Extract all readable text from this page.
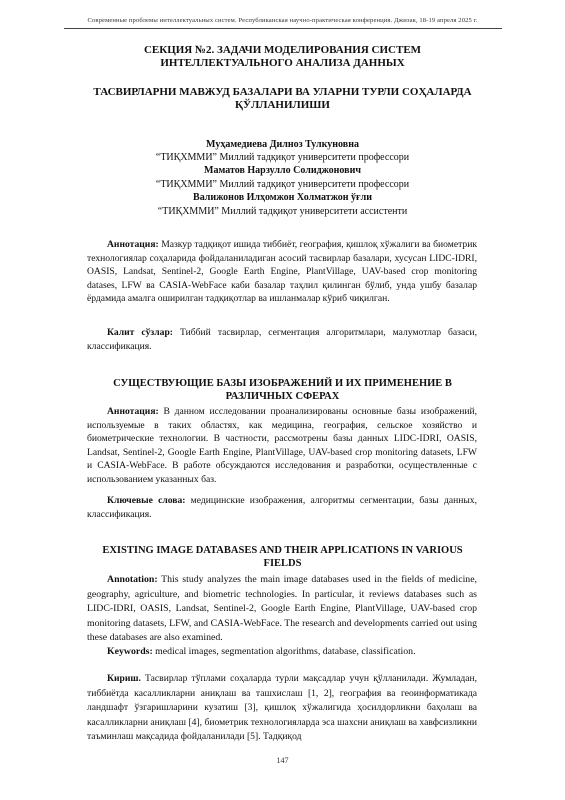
Современные проблемы интеллектуальных систем. Республиканская научно-практическая конференция. Джизак, 18-19 апреля 2025 г.
СЕКЦИЯ №2. ЗАДАЧИ МОДЕЛИРОВАНИЯ СИСТЕМ
ИНТЕЛЛЕКТУАЛЬНОГО АНАЛИЗА ДАННЫХ
ТАСВИРЛАРНИ МАВЖУД БАЗАЛАРИ ВА УЛАРНИ ТУРЛИ СОҲАЛАРДА
ҚЎЛЛАНИЛИШИ
Муҳамедиева Дилноз Тулкуновна
“ТИҚХММИ” Миллий тадқиқот университети профессори
Маматов Нарзулло Солиджонович
“ТИҚХММИ” Миллий тадқиқот университети профессори
Валижонов Илҳомжон Холматжон ўғли
“ТИҚХММИ” Миллий тадқиқот университети ассистенти
Аннотация: Мазкур тадқиқот ишида тиббиёт, география, қишлоқ хўжалиги ва биометрик технологиялар соҳаларида фойдаланиладиган асосий тасвирлар базалари, хусусан LIDC-IDRI, OASIS, Landsat, Sentinel-2, Google Earth Engine, PlantVillage, UAV-based crop monitoring datases, LFW ва CASIA-WebFace каби базалар таҳлил қилинган бўлиб, унда ушбу базалар ёрдамида амалга оширилган тадқиқотлар ва ишланмалар кўриб чиқилган.
Калит сўзлар: Тиббий тасвирлар, сегментация алгоритмлари, малумотлар базаси, классификация.
СУЩЕСТВУЮЩИЕ БАЗЫ ИЗОБРАЖЕНИЙ И ИХ ПРИМЕНЕНИЕ В
РАЗЛИЧНЫХ СФЕРАХ
Аннотация: В данном исследовании проанализированы основные базы изображений, используемые в таких областях, как медицина, география, сельское хозяйство и биометрические технологии. В частности, рассмотрены базы данных LIDC-IDRI, OASIS, Landsat, Sentinel-2, Google Earth Engine, PlantVillage, UAV-based crop monitoring datasets, LFW и CASIA-WebFace. В работе обсуждаются исследования и разработки, осуществленные с использованием указанных баз.
Ключевые слова: медицинские изображения, алгоритмы сегментации, базы данных, классификация.
EXISTING IMAGE DATABASES AND THEIR APPLICATIONS IN VARIOUS
FIELDS
Annotation: This study analyzes the main image databases used in the fields of medicine, geography, agriculture, and biometric technologies. In particular, it reviews databases such as LIDC-IDRI, OASIS, Landsat, Sentinel-2, Google Earth Engine, PlantVillage, UAV-based crop monitoring datasets, LFW, and CASIA-WebFace. The research and developments carried out using these databases are also examined.
Keywords: medical images, segmentation algorithms, database, classification.
Кириш. Тасвирлар тўплами соҳаларда турли мақсадлар учун қўлланилади. Жумладан, тиббиётда касалликларни аниқлаш ва ташхислаш [1, 2], география ва геоинформатикада ландшафт ўзгаришларини кузатиш [3], қишлоқ хўжалигида ҳосилдорликни баҳолаш ва касалликларни аниқлаш [4], биометрик технологияларда эса шахсни аниқлаш ва хавфсизликни таъминлаш мақсадида фойдаланилади [5]. Тадқиқод
147
